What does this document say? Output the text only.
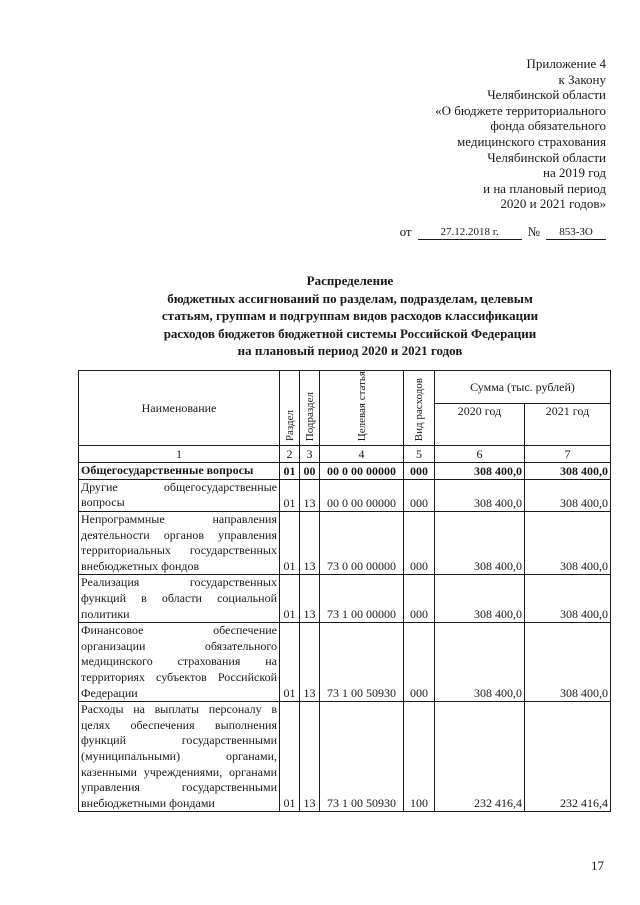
Приложение 4
к Закону
Челябинской области
«О бюджете территориального
фонда обязательного
медицинского страхования
Челябинской области
на 2019 год
и на плановый период
2020 и 2021 годов»
от	27.12.2018 г.	№	853-ЗО
Распределение
бюджетных ассигнований по разделам, подразделам, целевым
статьям, группам и подгруппам видов расходов классификации
расходов бюджетов бюджетной системы Российской Федерации
на плановый период 2020 и 2021 годов
Наименование	Раздел	Подраздел	Целевая статья	Вид расходов	Сумма (тыс. рублей)	
					2020 год	2021 год
1	2	3	4	5	6	7
Общегосударственные вопросы	01	00	00 0 00 00000	000	308 400,0	308 400,0
Другие общегосударственные вопросы	01	13	00 0 00 00000	000	308 400,0	308 400,0
Непрограммные направления деятельности органов управления территориальных государственных внебюджетных фондов	01	13	73 0 00 00000	000	308 400,0	308 400,0
Реализация государственных функций в области социальной политики	01	13	73 1 00 00000	000	308 400,0	308 400,0
Финансовое обеспечение организации обязательного медицинского страхования на территориях субъектов Российской Федерации	01	13	73 1 00 50930	000	308 400,0	308 400,0
Расходы на выплаты персоналу в целях обеспечения выполнения функций государственными (муниципальными) органами, казенными учреждениями, органами управления государственными внебюджетными фондами	01	13	73 1 00 50930	100	232 416,4	232 416,4
17
